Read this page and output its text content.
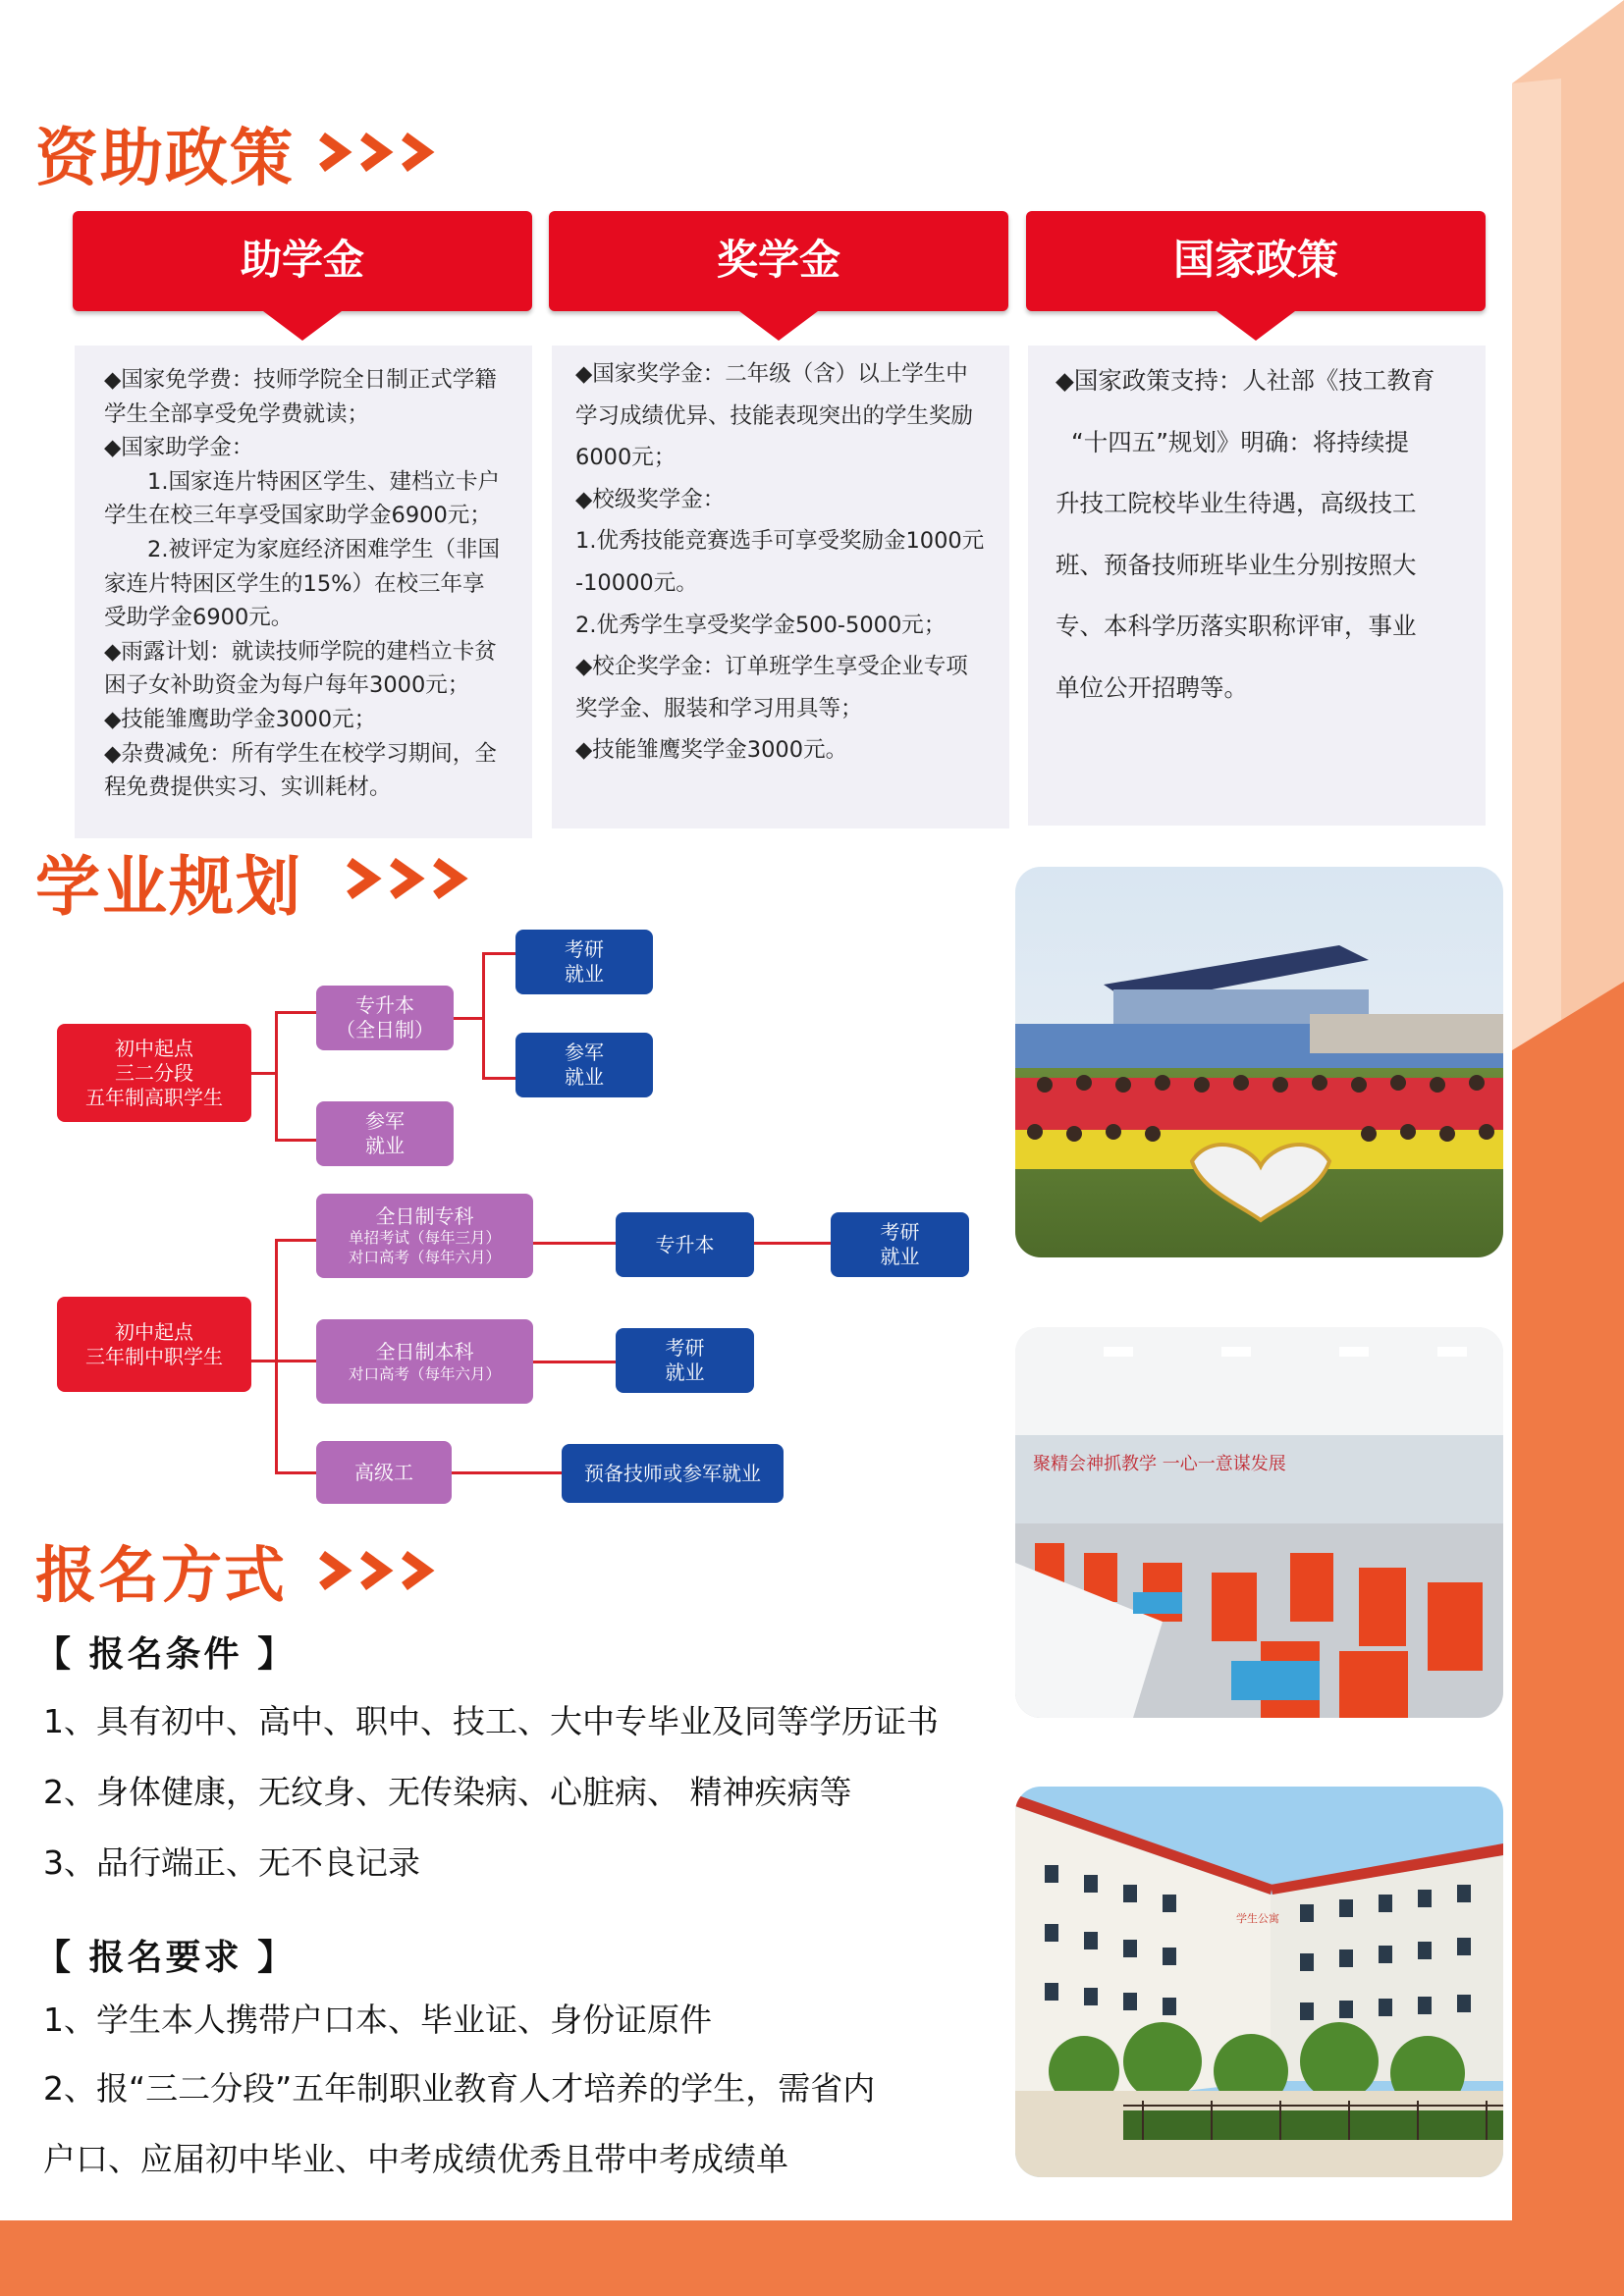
资助政策
助学金	奖学金	国家政策

◆国家免学费：技师学院全日制正式学籍

学生全部享受免学费就读；

◆国家助学金：

1.国家连片特困区学生、建档立卡户

学生在校三年享受国家助学金6900元；

2.被评定为家庭经济困难学生（非国

家连片特困区学生的15%）在校三年享

受助学金6900元。

◆雨露计划：就读技师学院的建档立卡贫

困子女补助资金为每户每年3000元；

◆技能雏鹰助学金3000元；

◆杂费减免：所有学生在校学习期间，全

程免费提供实习、实训耗材。

◆国家奖学金：二年级（含）以上学生中

学习成绩优异、技能表现突出的学生奖励

6000元；

◆校级奖学金：

1.优秀技能竞赛选手可享受奖励金1000元

-10000元。

2.优秀学生享受奖学金500-5000元；

◆校企奖学金：订单班学生享受企业专项

奖学金、服装和学习用具等；

◆技能雏鹰奖学金3000元。

◆国家政策支持：人社部《技工教育

“十四五”规划》明确：将持续提

升技工院校毕业生待遇，高级技工

班、预备技师班毕业生分别按照大

专、本科学历落实职称评审，事业

单位公开招聘等。

学业规划
初中起点
三二分段
五年制高职学生
专升本
（全日制）
参军
就业
考研
就业
参军
就业
初中起点
三年制中职学生
全日制专科
单招考试（每年三月）
对口高考（每年六月）
专升本
考研
就业
全日制本科
对口高考（每年六月）
考研
就业
高级工	预备技师或参军就业
报名方式
【 报名条件 】
1、具有初中、高中、职中、技工、大中专毕业及同等学历证书
2、身体健康，无纹身、无传染病、心脏病、 精神疾病等
3、品行端正、无不良记录
【 报名要求 】
1、学生本人携带户口本、毕业证、身份证原件
2、报“三二分段”五年制职业教育人才培养的学生，需省内
户口、应届初中毕业、中考成绩优秀且带中考成绩单
聚精会神抓教学 一心一意谋发展
学生公寓
